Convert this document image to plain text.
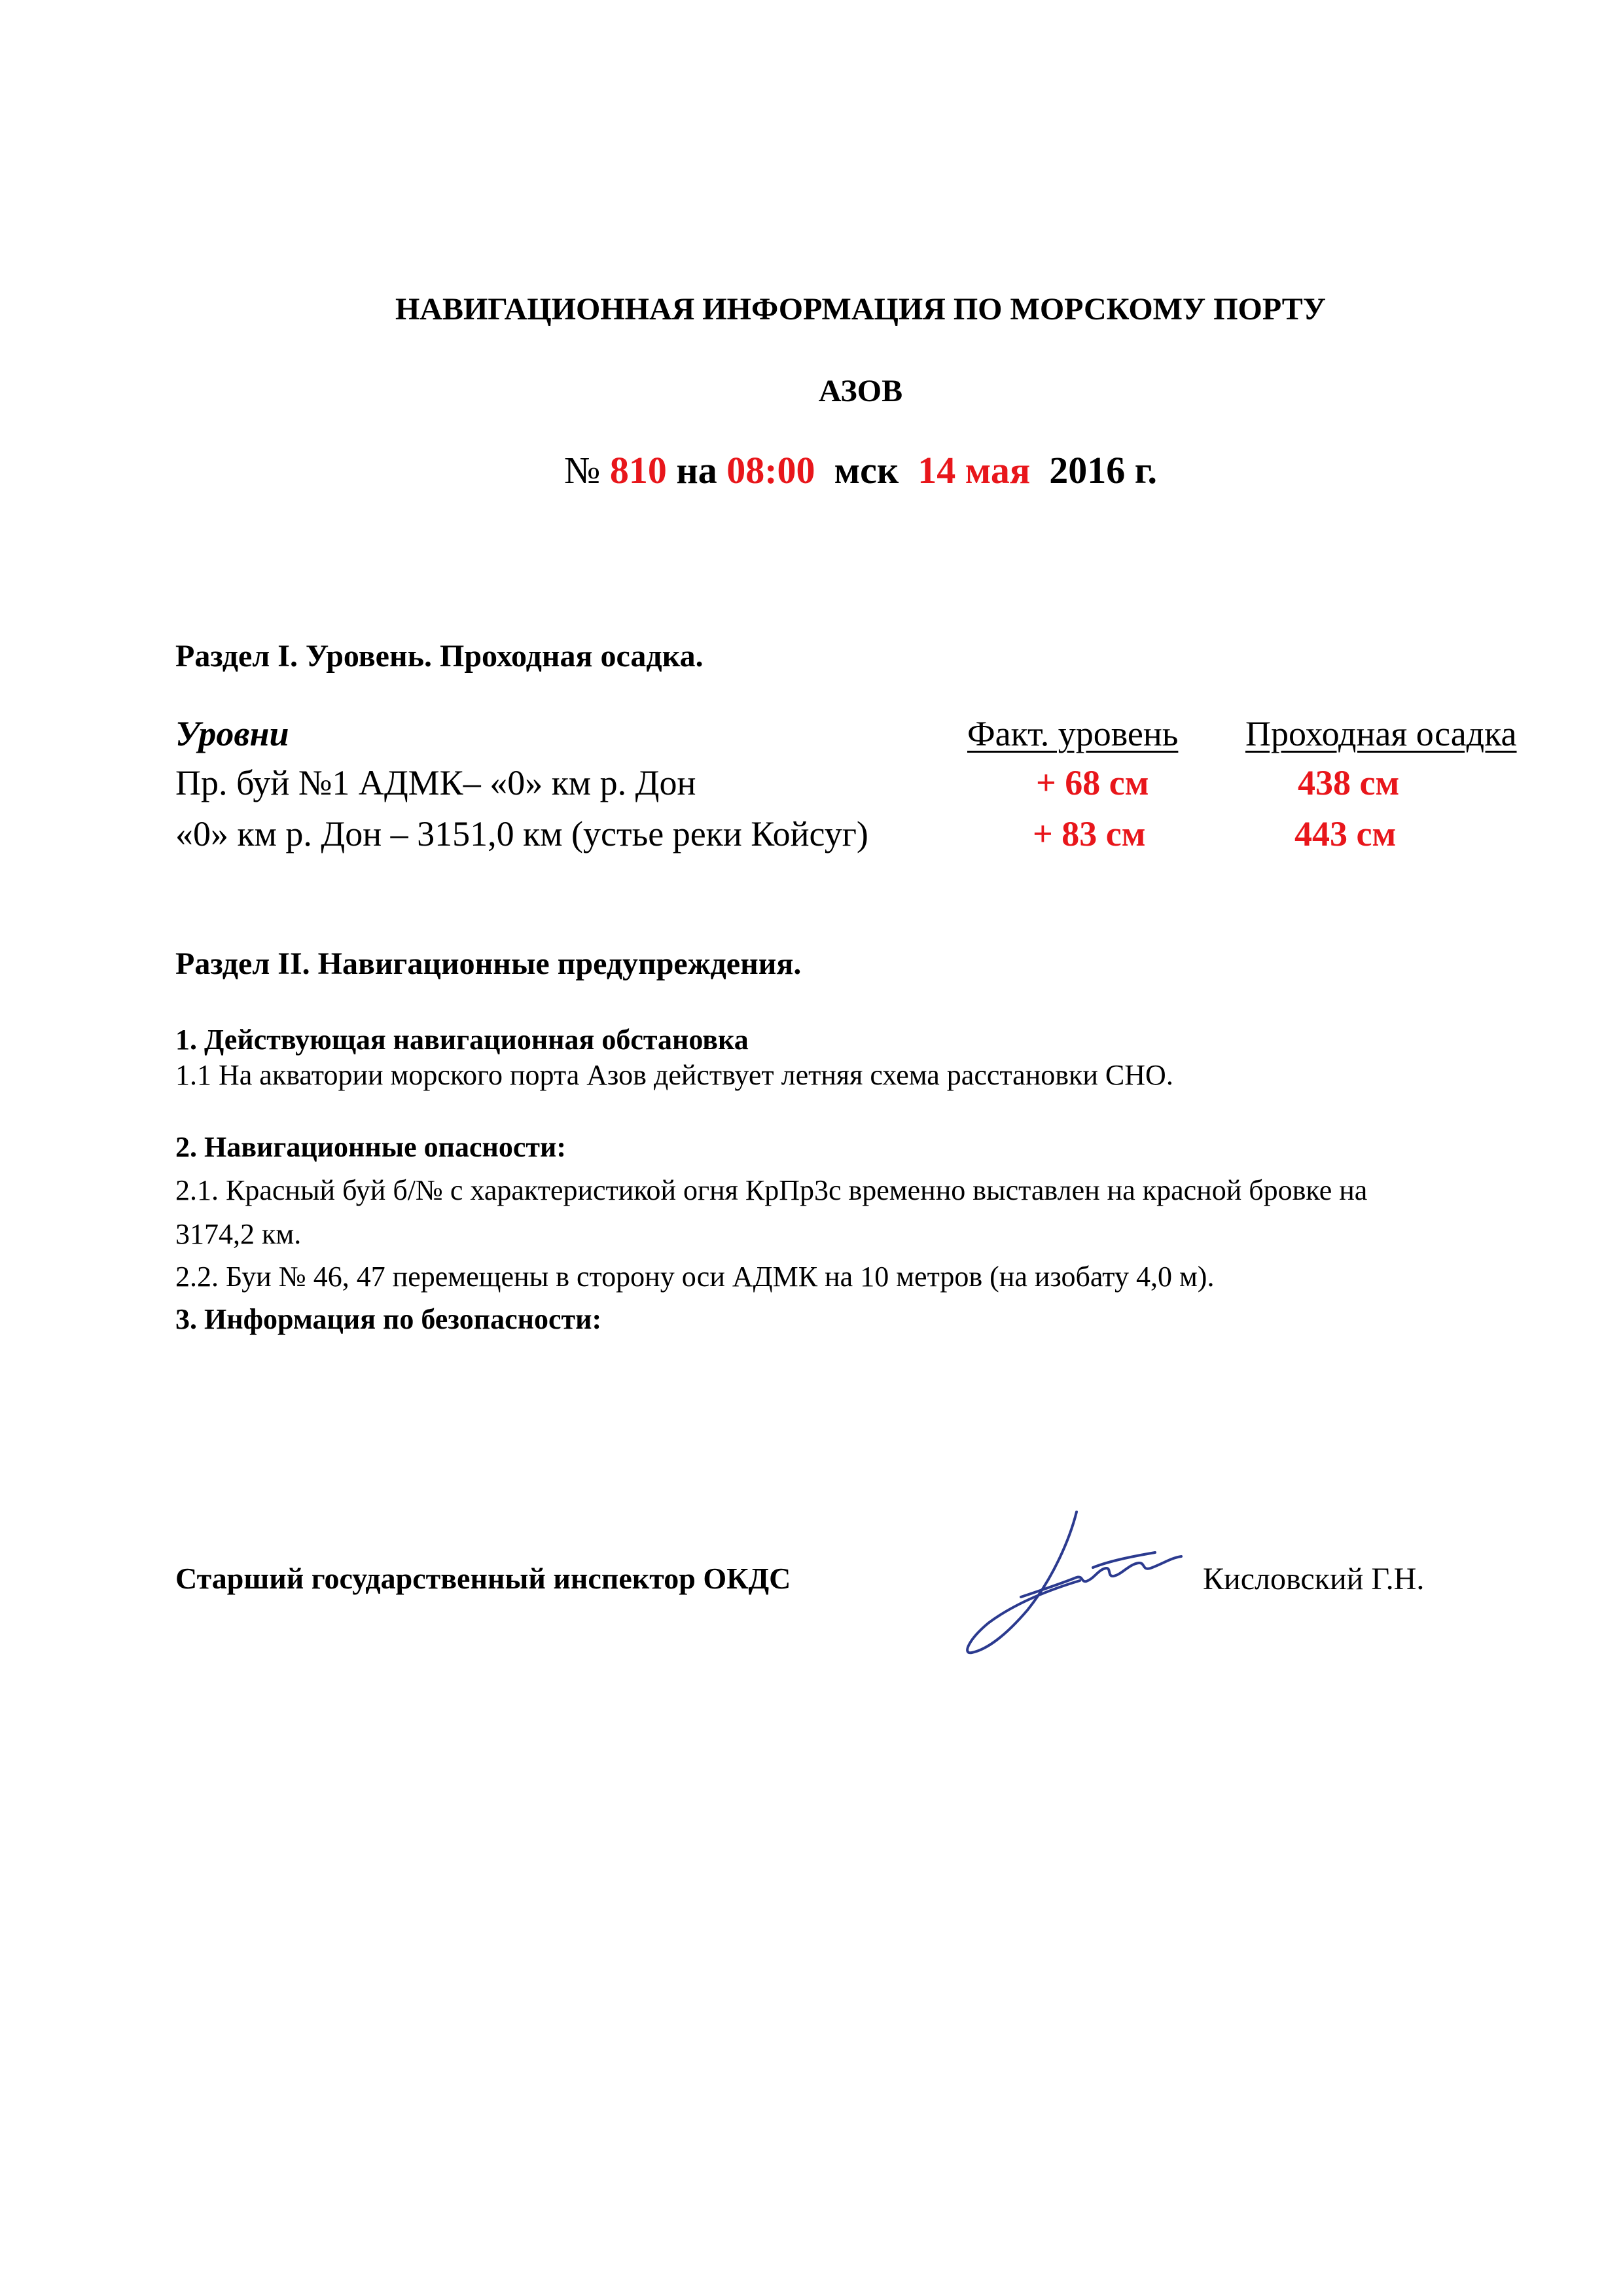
НАВИГАЦИОННАЯ ИНФОРМАЦИЯ ПО МОРСКОМУ ПОРТУ
АЗОВ
№ 810 на 08:00 мск 14 мая 2016 г.
Раздел I. Уровень. Проходная осадка.
Уровни	Факт. уровень Проходная осадка
Пр. буй №1 АДМК– «0» км р. Дон	+ 68 см	438 см
«0» км р. Дон – 3151,0 км (устье реки Койсуг)	+ 83 см	443 см
Раздел II. Навигационные предупреждения.
1. Действующая навигационная обстановка
1.1 На акватории морского порта Азов действует летняя схема расстановки СНО.
2. Навигационные опасности:
2.1. Красный буй б/№ с характеристикой огня КрПр3с временно выставлен на красной бровке на
3174,2 км.
2.2. Буи № 46, 47 перемещены в сторону оси АДМК на 10 метров (на изобату 4,0 м).
3. Информация по безопасности:
Старший государственный инспектор ОКДС	Кисловский Г.Н.
